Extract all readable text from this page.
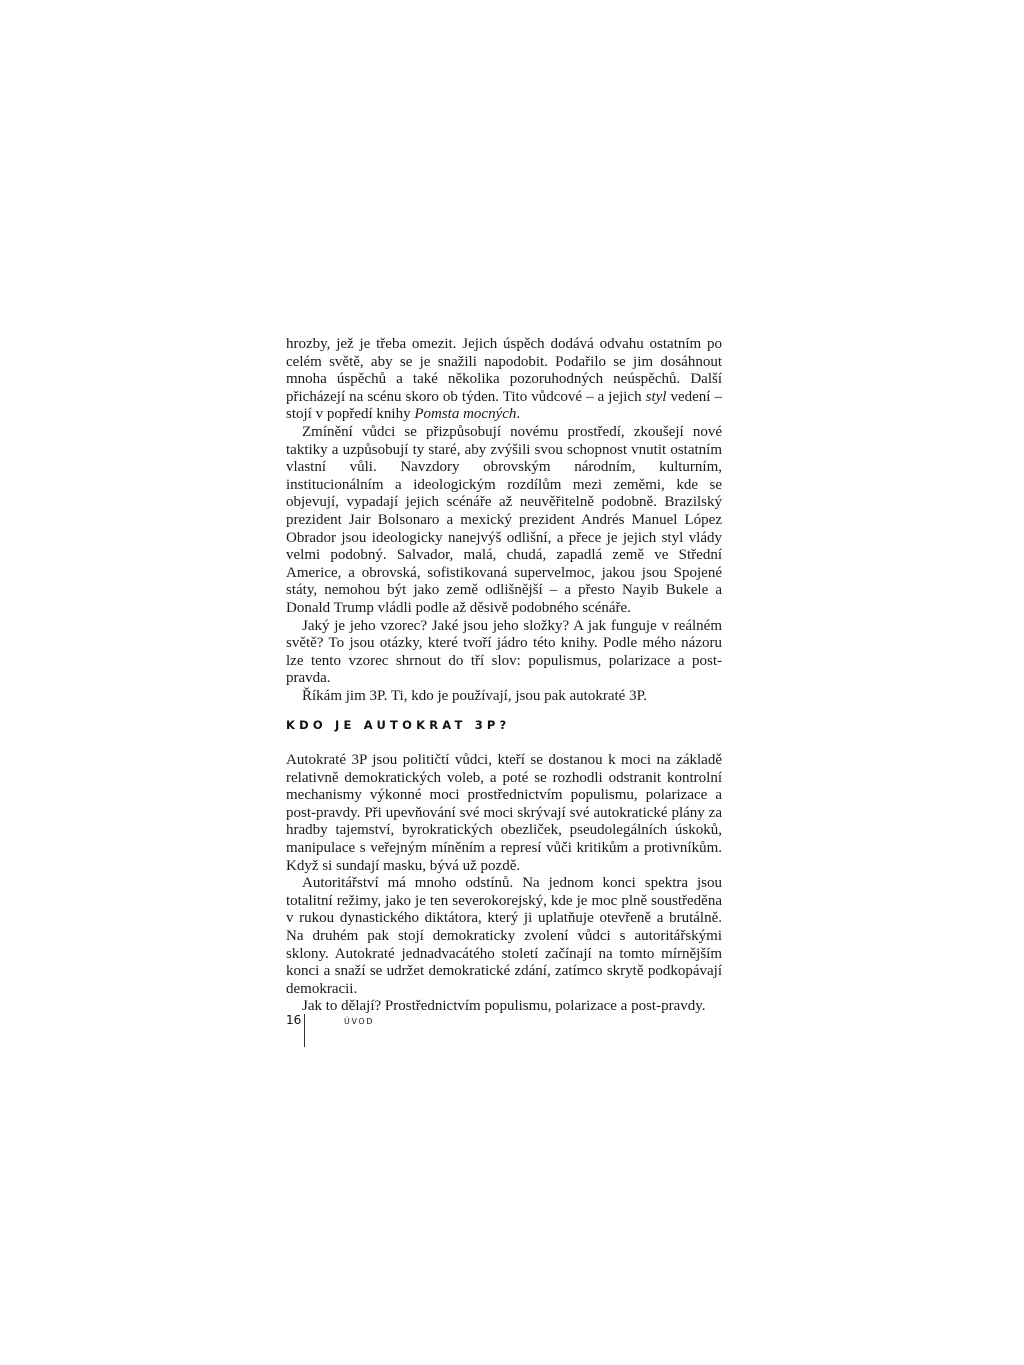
hrozby, jež je třeba omezit. Jejich úspěch dodává odvahu ostatním po celém světě, aby se je snažili napodobit. Podařilo se jim dosáhnout mnoha úspěchů a také několika pozoruhodných neúspěchů. Další přicházejí na scénu skoro ob týden. Tito vůdcové – a jejich styl vedení – stojí v popředí knihy Pomsta mocných.

Zmínění vůdci se přizpůsobují novému prostředí, zkoušejí nové taktiky a uzpůsobují ty staré, aby zvýšili svou schopnost vnutit ostatním vlastní vůli. Navzdory obrovským národním, kulturním, institucionálním a ideologickým rozdílům mezi zeměmi, kde se objevují, vypadají jejich scénáře až neuvěřitelně podobně. Brazilský prezident Jair Bolsonaro a mexický prezident Andrés Manuel López Obrador jsou ideologicky nanejvýš odlišní, a přece je jejich styl vlády velmi podobný. Salvador, malá, chudá, zapadlá země ve Střední Americe, a obrovská, sofistikovaná supervelmoc, jakou jsou Spojené státy, nemohou být jako země odlišnější – a přesto Nayib Bukele a Donald Trump vládli podle až děsivě podobného scénáře.

Jaký je jeho vzorec? Jaké jsou jeho složky? A jak funguje v reálném světě? To jsou otázky, které tvoří jádro této knihy. Podle mého názoru lze tento vzorec shrnout do tří slov: populismus, polarizace a post-pravda.

Říkám jim 3P. Ti, kdo je používají, jsou pak autokraté 3P.

KDO JE AUTOKRAT 3P?

Autokraté 3P jsou političtí vůdci, kteří se dostanou k moci na základě relativně demokratických voleb, a poté se rozhodli odstranit kontrolní mechanismy výkonné moci prostřednictvím populismu, polarizace a post-pravdy. Při upevňování své moci skrývají své autokratické plány za hradby tajemství, byrokratických obezliček, pseudolegálních úskoků, manipulace s veřejným míněním a represí vůči kritikům a protivníkům. Když si sundají masku, bývá už pozdě.

Autoritářství má mnoho odstínů. Na jednom konci spektra jsou totalitní režimy, jako je ten severokorejský, kde je moc plně soustředěna v rukou dynastického diktátora, který ji uplatňuje otevřeně a brutálně. Na druhém pak stojí demokraticky zvolení vůdci s autoritářskými sklony. Autokraté jednadvacátého století začínají na tomto mírnějším konci a snaží se udržet demokratické zdání, zatímco skrytě podkopávají demokracii.

Jak to dělají? Prostřednictvím populismu, polarizace a post-pravdy.

16	ÚVOD
